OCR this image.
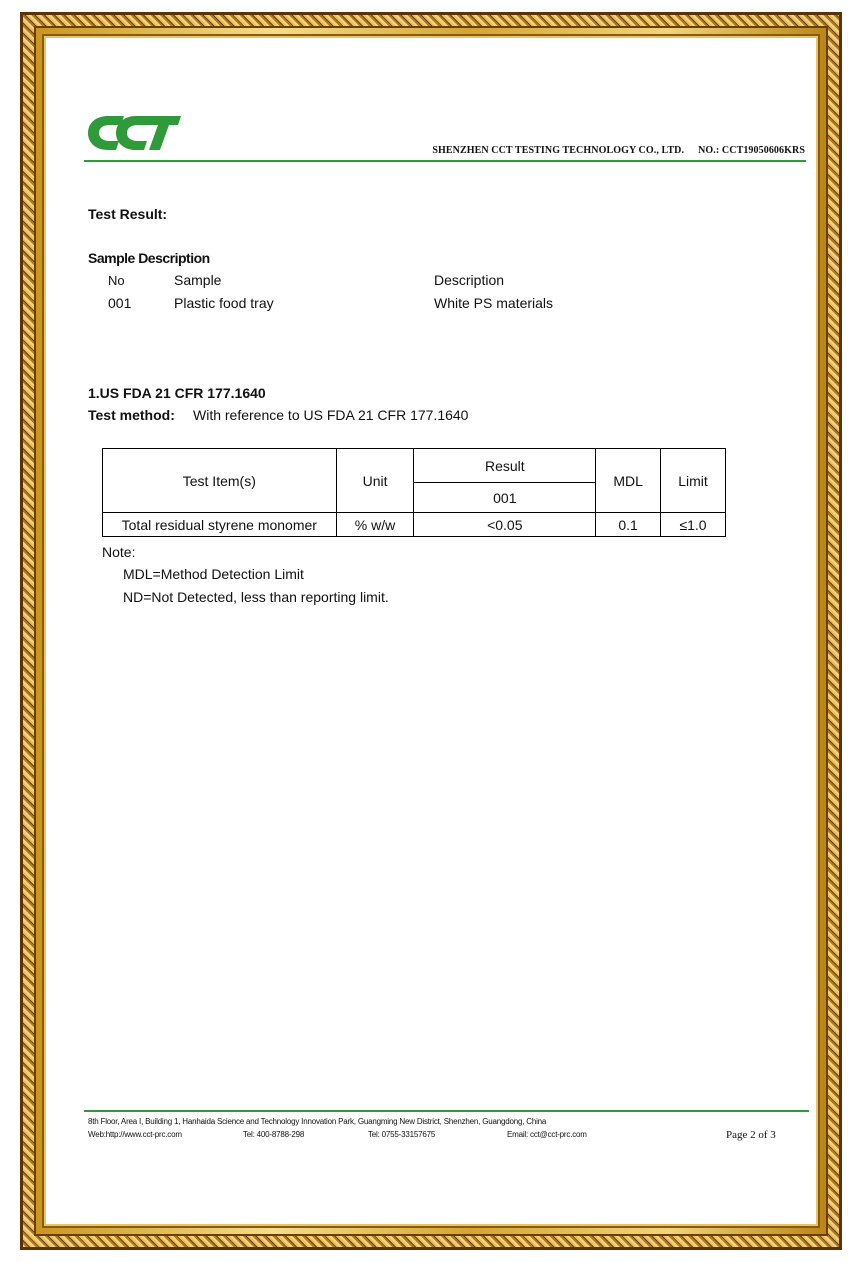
SHENZHEN CCT TESTING TECHNOLOGY CO., LTD. NO.: CCT19050606KRS
Test Result:
Sample Description
No	Sample	Description
001	Plastic food tray	White PS materials
1.US FDA 21 CFR 177.1640
Test method: With reference to US FDA 21 CFR 177.1640
Test Item(s)	Unit	Result	MDL	Limit
		001		
Total residual styrene monomer	% w/w	<0.05	0.1	≤1.0
Note:
MDL=Method Detection Limit
ND=Not Detected, less than reporting limit.
8th Floor, Area I, Building 1, Hanhaida Science and Technology Innovation Park, Guangming New District, Shenzhen, Guangdong, China
Web:http://www.cct-prc.com	Tel: 400-8788-298	Tel: 0755-33157675	Email: cct@cct-prc.com	Page 2 of 3
